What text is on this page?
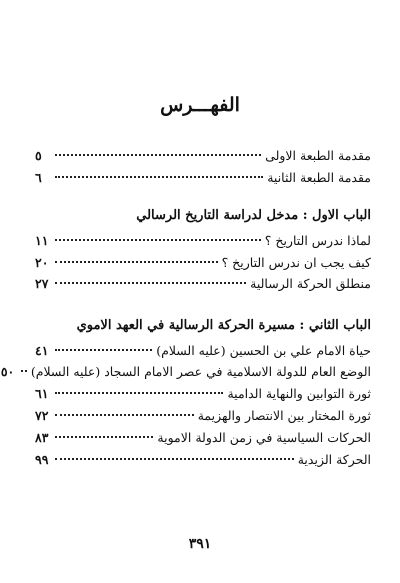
الفهـــرس
مقدمة الطبعة الاولى
٥
مقدمة الطبعة الثانية
٦
الباب الاول : مدخل لدراسة التاريخ الرسالي
لماذا ندرس التاريخ ؟
١١
كيف يجب ان ندرس التاريخ ؟
٢٠
منطلق الحركة الرسالية
٢٧
الباب الثاني : مسيرة الحركة الرسالية في العهد الاموي
حياة الامام علي بن الحسين (عليه السلام)
٤١
الوضع العام للدولة الاسلامية في عصر الامام السجاد (عليه السلام)
٥٠
ثورة التوابين والنهاية الدامية
٦١
ثورة المختار بين الانتصار والهزيمة
٧٢
الحركات السياسية في زمن الدولة الاموية
٨٣
الحركة الزيدية
٩٩
٣٩١
